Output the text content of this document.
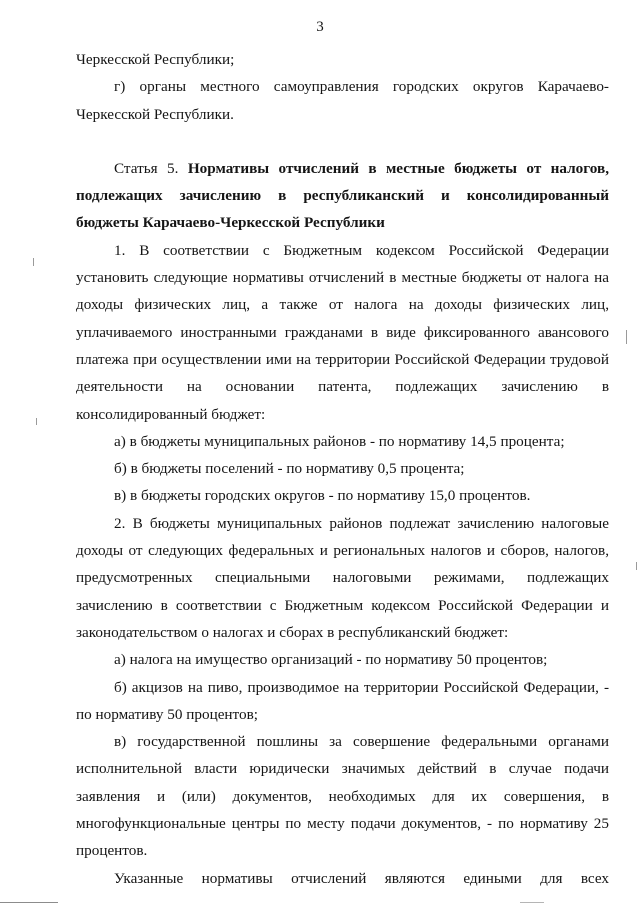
3

Черкесской Республики;

г) органы местного самоуправления городских округов Карачаево-Черкесской Республики.

Статья 5. Нормативы отчислений в местные бюджеты от налогов, подлежащих зачислению в республиканский и консолидированный бюджеты Карачаево-Черкесской Республики

1. В соответствии с Бюджетным кодексом Российской Федерации установить следующие нормативы отчислений в местные бюджеты от налога на доходы физических лиц, а также от налога на доходы физических лиц, уплачиваемого иностранными гражданами в виде фиксированного авансового платежа при осуществлении ими на территории Российской Федерации трудовой деятельности на основании патента, подлежащих зачислению в консолидированный бюджет:

а) в бюджеты муниципальных районов - по нормативу 14,5 процента;

б) в бюджеты поселений - по нормативу 0,5 процента;

в) в бюджеты городских округов - по нормативу 15,0 процентов.

2. В бюджеты муниципальных районов подлежат зачислению налоговые доходы от следующих федеральных и региональных налогов и сборов, налогов, предусмотренных специальными налоговыми режимами, подлежащих зачислению в соответствии с Бюджетным кодексом Российской Федерации и законодательством о налогах и сборах в республиканский бюджет:

а) налога на имущество организаций - по нормативу 50 процентов;

б) акцизов на пиво, производимое на территории Российской Федерации, - по нормативу 50 процентов;

в) государственной пошлины за совершение федеральными органами исполнительной власти юридически значимых действий в случае подачи заявления и (или) документов, необходимых для их совершения, в многофункциональные центры по месту подачи документов, - по нормативу 25 процентов.

Указанные нормативы отчислений являются едиными для всех
